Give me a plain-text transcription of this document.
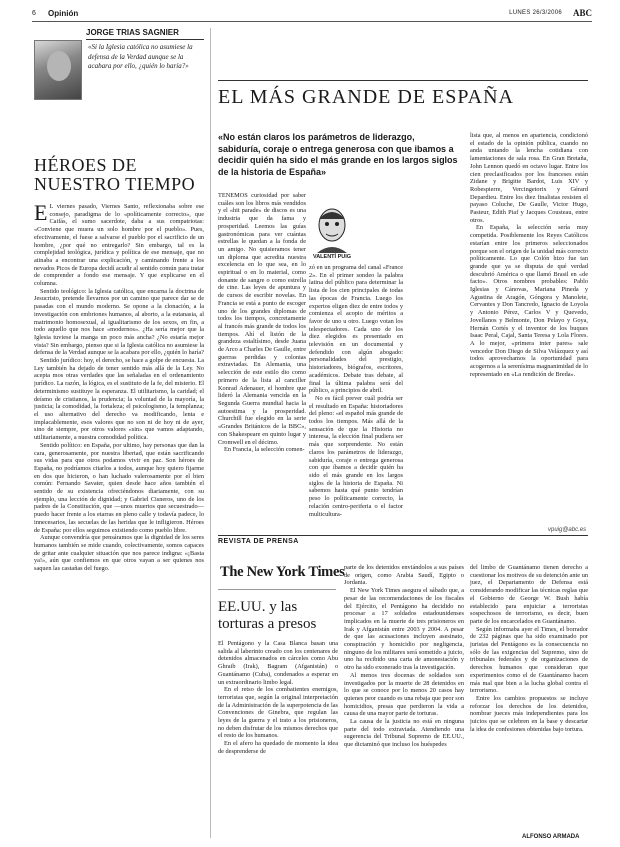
6 Opinión	LUNES 26/3/2006 ABC
JORGE TRIAS SAGNIER
«Si la Iglesia católica no asumiese la defensa de la Verdad aunque se la acabara por ello, ¿quién lo haría?»
HÉROES DE NUESTRO TIEMPO

E L viernes pasado, Viernes Santo, reflexionaba sobre ese consejo, paradigma de lo «políticamente correcto», que Caifás, el sumo sacerdote, daba a sus compatriotas: «Conviene que muera un solo hombre por el pueblo». Pues, efectivamente, el fuese a salvarse el pueblo por el sacrificio de un hombre, ¿por qué no entregarlo? Sin embargo, tal es la complejidad teológica, jurídica y política de ese mensaje, que no atinaba a encontrar una explicación, y caminando frente a los nevados Picos de Europa decidí acudir al sentido común para tratar de comprender a fondo ese mensaje. Y que explicarse en el columna.

Sentido teológico: la Iglesia católica, que encarna la doctrina de Jesucristo, pretende llevarnos por un camino que parece dar se de pasadas con el mundo moderno. Se opone a la clonación, a la investigación con embriones humanos, al aborto, a la eutanasia, al matrimonio homosexual, al igualitarismo de los sexos, en fin, a todo aquello que nos hace «modernos». ¿Ha sería mejor que la Iglesia tuviese la manga un poco más ancha? ¿No estaría mejor vista? Sin embargo, pienso que si la Iglesia católica no asumiese la defensa de la Verdad aunque se la acabara por ello, ¿quién lo haría?

Sentido jurídico: hoy, el derecho, se hace a golpe de encuesta. La Ley también ha dejado de tener sentido más allá de la Ley. No acepta mos otras verdades que las señaladas en el ordenamiento jurídico. La razón, la lógica, es el sustituto de la fe, del misterio. El determinismo sustituye la esperanza. El utilitarismo, la caridad; el deísmo de cristianos, la prudencia; la voluntad de la mayoría, la justicia; la comodidad, la fortaleza; el psicologismo, la templanza; el uso alternativo del derecho va modificando, lenta e implacablemente, esos valores que no son ni de hoy ni de ayer, sino de siempre, por otros valores «sin» que vamos adaptando, utilitariamente, a nuestra comodidad política.

Sentido político: en España, por ultimo, hay personas que dan la cara, generosamente, por nuestra libertad, que están sacrificando sus vidas para que otros podamos vivir en paz. Son héroes de España, no podríamos citarlos a todos, aunque hoy quiero fijarme en dos que hicieron, o han luchado valerosamente por el bien común: Fernando Savater, quien desde hace años también el sentido de su existencia ofreciéndonos diariamente, con su ejemplo, una lección de dignidad; y Gabriel Cisneros, uno de los padres de la Constitución, que —unos muertos que secuestrado— puedo hacer frente a los etarras en pleno calle y todavía padece, lo innecesarios, las secuelas de las heridas que le infligieron. Héroes de España: por ellos seguimos existiendo como pueblo libre.

Aunque convendría que pensáramos que la dignidad de los seres humanos también se mide cuando, colectivamente, somos capaces de gritar ante cualquier situación que nos parece indigna: «¡Basta ya!», aún que confiemos en que otros vayan a ser quienes nos saquen las castañas del fuego.

EL MÁS GRANDE DE ESPAÑA
«No están claros los parámetros de liderazgo, sabiduría, coraje o entrega generosa con que ibamos a decidir quién ha sido el más grande en los largos siglos de la historia de España»

TENEMOS curiosidad por saber cuáles son los libros más vendidos y el «hit parade» de discos es una industria que da fama y prosperidad. Leemos las guías gastronómicas para ver cuántas estrellas le quedan a la fonda de un amigo. No quisieramos tener un diploma que acredita nuestra excelencia en lo que sea, en lo espiritual o en lo material, como donante de sangre o como estrella de cine. Las leyes de apuntura y de cursos de escribir novelas. En Francia se está a punto de escoger uno de los grandes diplomas de todos los tiempos, concretamente al francés más grande de todos los tiempos. Ahí el listón de la grandeza estaltísimo, desde Juana de Arco a Charles De Gaulle, entre guerras perdidas y colonias extraviadas. En Alemania, una selección de este estilo dio como primero de la lista al canciller Konrad Adenauer, el hombre que lideró la Alemania vencida en la Segunda Guerra mundial hacia la autoestima y la prosperidad. Churchill fue elegido en la serie «Grandes Británicos de la BBC», con Shakespeare en quinto lugar y Cromwell en el décimo.

En Francia, la selección comen-

VALENTÍ PUIG

zó en un programa del canal «France 2». En el primer sondeo la palabra latina del público para determinar la lista de los cien principales de todas las épocas de Francia. Luego los expertos eligen diez de entre todos y comienza el acopio de méritos a favor de uno u otro. Luego votan los telespectadores. Cada uno de los diez elegidos es presentado en televisión en un documental y defendido con algún abogado: personalidades del prestigio, historiadores, biógrafos, escritores, académicos. Debate tras debate, al final la última palabra será del público, a principios de abril.

No es fácil prever cuál podría ser el resultado en España: historiadores del pleno: «el español más grande de todos los tiempos. Más allá de la sensación de que la Historia no interesa, la elección final pudiera ser más que sorprendente. No están claros los parámetros de liderazgo, sabiduría, coraje o entrega generosa con que íbamos a decidir quién ha sido el más grande en los largos siglos de la historia de España. Ni sabemos hasta qué punto tendrían peso lo políticamente correcto, la relación centro-periferia o el factor multicultura-

lista que, al menos en apariencia, condicionó el estado de la opinión pública, cuando no anda untando la lencha cotidiana con lamentaciones de sala rosa. En Gran Bretaña, John Lennon quedó en octavo lugar. Entre los cien preclasificados por los franceses están Zidane y Brigitte Bardot, Luis XIV y Robespierre, Vercingetorix y Gérard Depardieu. Entre los diez finalistas resisten el payaso Coluche, De Gaulle, Victor Hugo, Pasteur, Edith Piaf y Jacques Cousteau, entre otros.

En España, la selección sería muy competida. Posiblemente los Reyes Católicos estarían entre los primeros seleccionados porque son el origen de la unidad más correcto políticamente. Lo que Colón hizo fue tan grande que ya se disputa de qué verdad descubrió América o que llamó Brasil en «de facto». Otros nombres probables: Pablo Iglesias y Cánovas, Mariana Pineda y Agustina de Aragón, Góngora y Manolete, Cervantes y Don Tancredo, Ignacio de Loyola y Antonio Pérez, Carlos V y Quevedo, Jovellanos y Belmonte, Don Pelayo y Goya, Hernán Cortés y el inventor de los buques Isaac Peral, Cajal, Santa Teresa y Lola Flores. A lo mejor, «primera inter pares» sale vencedor Don Diego de Silva Velázquez y así todos aprovechamos la oportunidad para acogernos a la serenísima magnanimidad de lo representado en «La rendición de Breda».

vpuig@abc.es
REVISTA DE PRENSA
The New York Times
EE.UU. y las torturas a presos

El Pentágono y la Casa Blanca basan una salida al laberinto creado con los centenares de detenidos almacenados en cárceles como Abu Ghraib (Irak), Bagram (Afganistán) o Guantánamo (Cuba), condenados a esperar en un extraordinario limbo legal.

En el retso de los combatientes enemigos, terroristas que, según la original interpretación de la Administración de la superpotencia de las Convenciones de Ginebra, que regulan las leyes de la guerra y el trato a los prisioneros, no deben disfrutar de los mismos derechos que el resto de los humanos.

En el afero ha quedado de momento la idea de desprenderse de

parte de los detenidos enviándolos a sus países de origen, como Arabia Saudí, Egipto o Jordania.

El New York Times asegura el sábado que, a pesar de las recomendaciones de los fiscales del Ejército, el Pentágono ha decidido no procesar a 17 soldados estadounidenses implicados en la muerte de tres prisioneros en Irak y Afganistán entre 2003 y 2004. A pesar de que las acusaciones incluyen asesinato, conspiración y homicidio por negligencia, ninguno de los militares será sometido a juicio, uno ha recibido una carta de amonestación y otro ha sido exonerado tras la investigación.

Al menos tres docenas de soldados son investigados por la muerte de 28 detenidos en lo que se conoce por lo menos 20 casos hay quienes peor cuando es una rebaja que peor son homicidios, presas que perdieron la vida a causa de una mayor parte de torturas.

La causa de la justicia no está en ninguna parte del todo extraviada. Atendiendo una sugerencia del Tribunal Supremo de EE.UU., que dictaminó que incluso los huéspedes

del limbo de Guantánamo tienen derecho a cuestionar los motivos de su detención ante un juez, el Departamento de Defensa está considerando modificar las técnicas reglas que el Gobierno de George W. Bush había establecido para enjuiciar a terroristas sospechosos de terrorismo, es decir, buen parte de los encarcelados en Guantánamo.

Según informaba ayer el Times, el borrador de 232 páginas que ha sido examinado por juristas del Pentágono es la consecuencia no sólo de las exigencias del Supremo, sino de tribunales federales y de organizaciones de derechos humanos que consideran que experimentos como el de Guantánamo hacen más mal que bien a la lucha global contra el terrorismo.

Entre los cambios propuestos se incluye reforzar los derechos de los detenidos, nombrar jueces más independientes para los juicios que se celebren en la base y descartar la idea de confesiones obtenidas bajo tortura.

ALFONSO ARMADA
